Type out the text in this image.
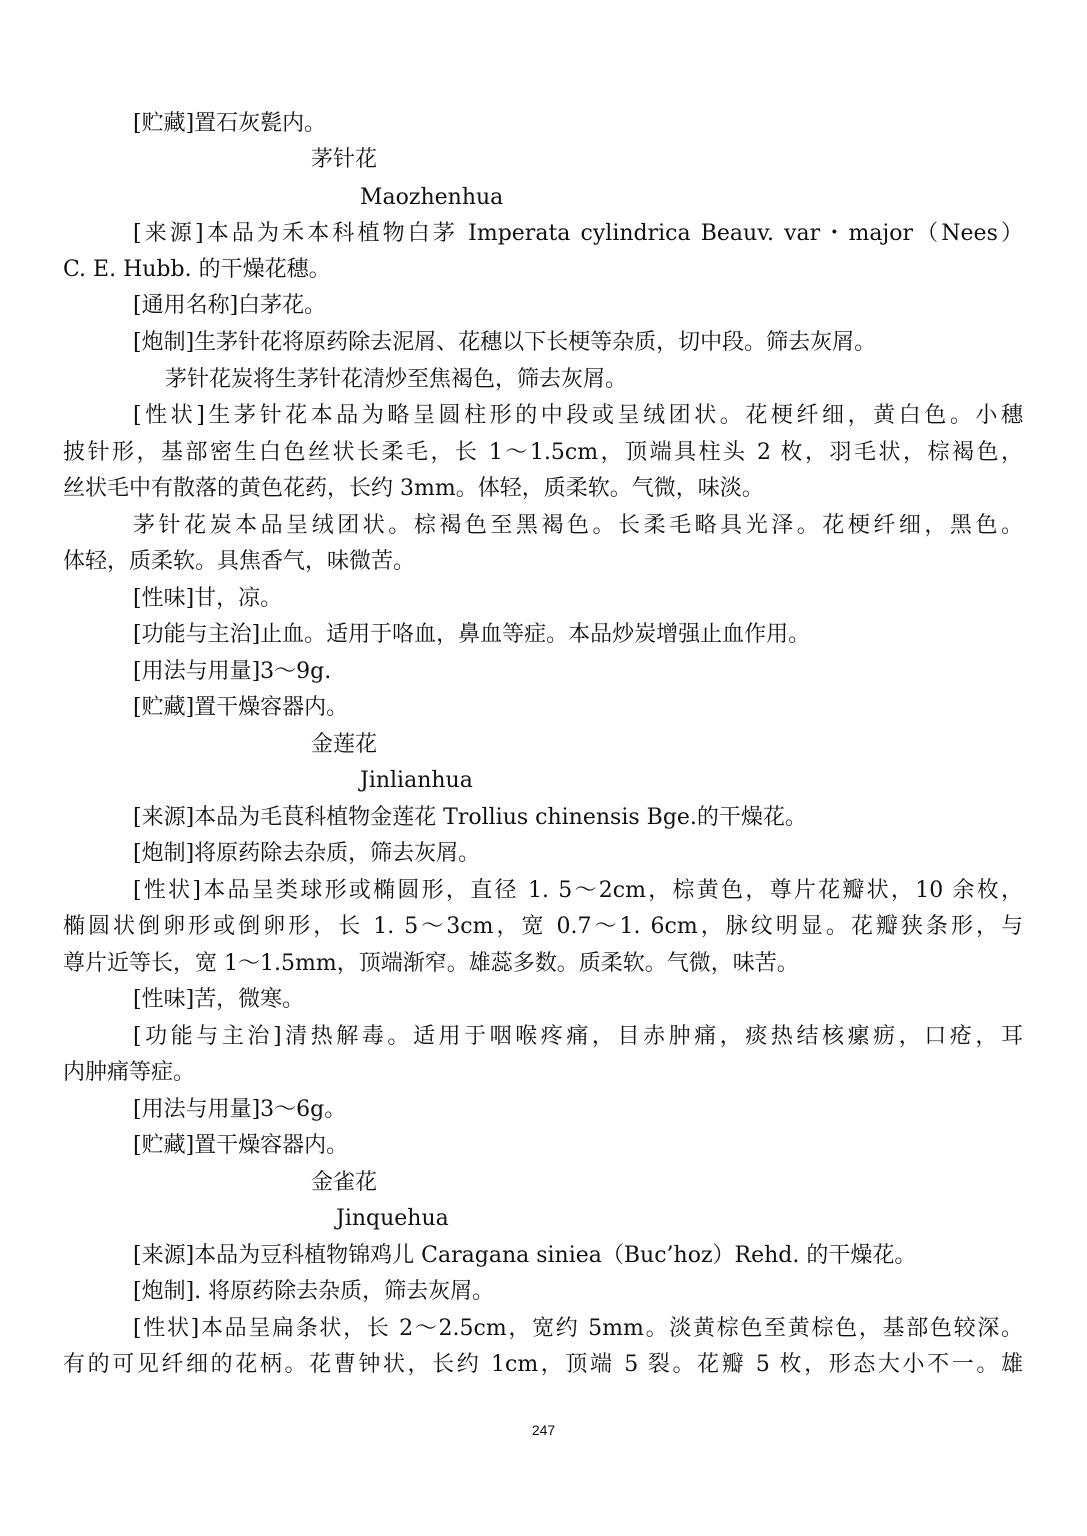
[贮藏]置石灰甏内。
茅针花
Maozhenhua
[来源]本品为禾本科植物白茅 Imperata cylindrica Beauv. var・major（Nees）
C. E. Hubb. 的干燥花穗。
[通用名称]白茅花。
[炮制]生茅针花将原药除去泥屑、花穗以下长梗等杂质，切中段。筛去灰屑。
茅针花炭将生茅针花清炒至焦褐色，筛去灰屑。
[性状]生茅针花本品为略呈圆柱形的中段或呈绒团状。花梗纤细，黄白色。小穗
披针形，基部密生白色丝状长柔毛，长 1～1.5cm，顶端具柱头 2 枚，羽毛状，棕褐色，
丝状毛中有散落的黄色花药，长约 3mm。体轻，质柔软。气微，味淡。
茅针花炭本品呈绒团状。棕褐色至黑褐色。长柔毛略具光泽。花梗纤细，黑色。
体轻，质柔软。具焦香气，味微苦。
[性味]甘，凉。
[功能与主治]止血。适用于咯血，鼻血等症。本品炒炭增强止血作用。
[用法与用量]3～9g.
[贮藏]置干燥容器内。
金莲花
Jinlianhua
[来源]本品为毛茛科植物金莲花 Trollius chinensis Bge.的干燥花。
[炮制]将原药除去杂质，筛去灰屑。
[性状]本品呈类球形或椭圆形，直径 1. 5～2cm，棕黄色，尊片花瓣状，10 余枚，
椭圆状倒卵形或倒卵形，长 1. 5～3cm，宽 0.7～1. 6cm，脉纹明显。花瓣狭条形，与
尊片近等长，宽 1～1.5mm，顶端渐窄。雄蕊多数。质柔软。气微，味苦。
[性味]苦，微寒。
[功能与主治]清热解毒。适用于咽喉疼痛，目赤肿痛，痰热结核瘰疬，口疮，耳
内肿痛等症。
[用法与用量]3～6g。
[贮藏]置干燥容器内。
金雀花
Jinquehua
[来源]本品为豆科植物锦鸡儿 Caragana siniea（Buc’hoz）Rehd. 的干燥花。
[炮制]. 将原药除去杂质，筛去灰屑。
[性状]本品呈扁条状，长 2～2.5cm，宽约 5mm。淡黄棕色至黄棕色，基部色较深。
有的可见纤细的花柄。花曹钟状，长约 1cm，顶端 5 裂。花瓣 5 枚，形态大小不一。雄
247
